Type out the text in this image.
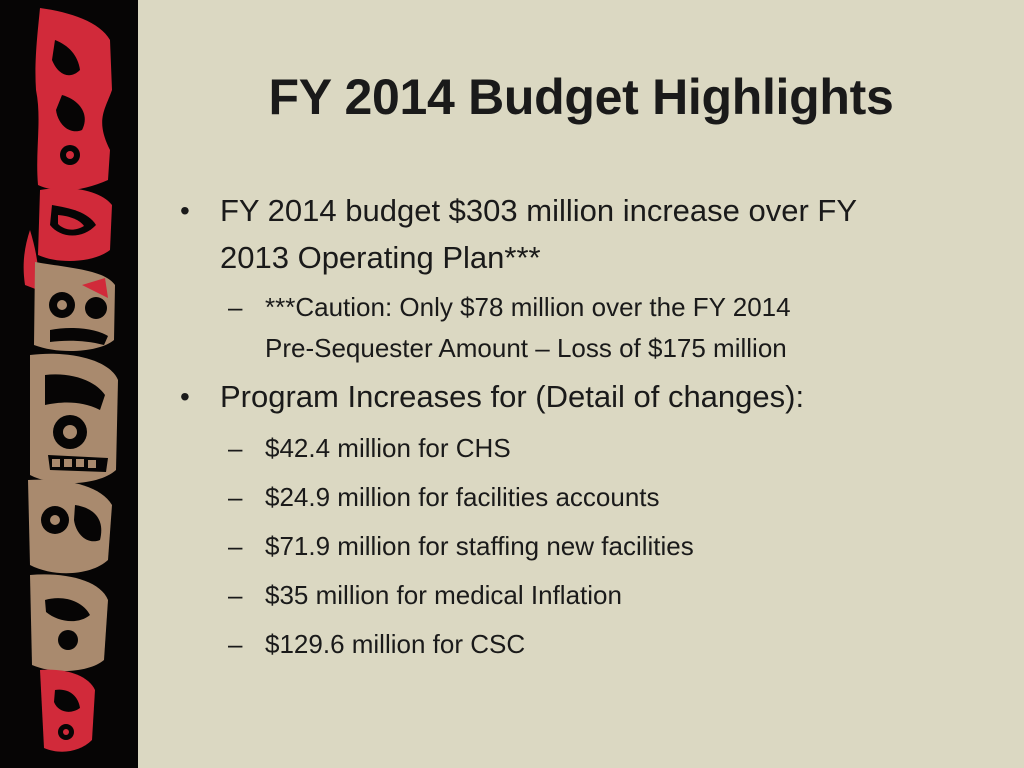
FY 2014 Budget Highlights
• FY 2014 budget $303 million increase over FY
2013 Operating Plan***
– ***Caution: Only $78 million over the FY 2014
Pre-Sequester Amount – Loss of $175 million
• Program Increases for (Detail of changes):
– $42.4 million for CHS
– $24.9 million for facilities accounts
– $71.9 million for staffing new facilities
– $35 million for medical Inflation
– $129.6 million for CSC
